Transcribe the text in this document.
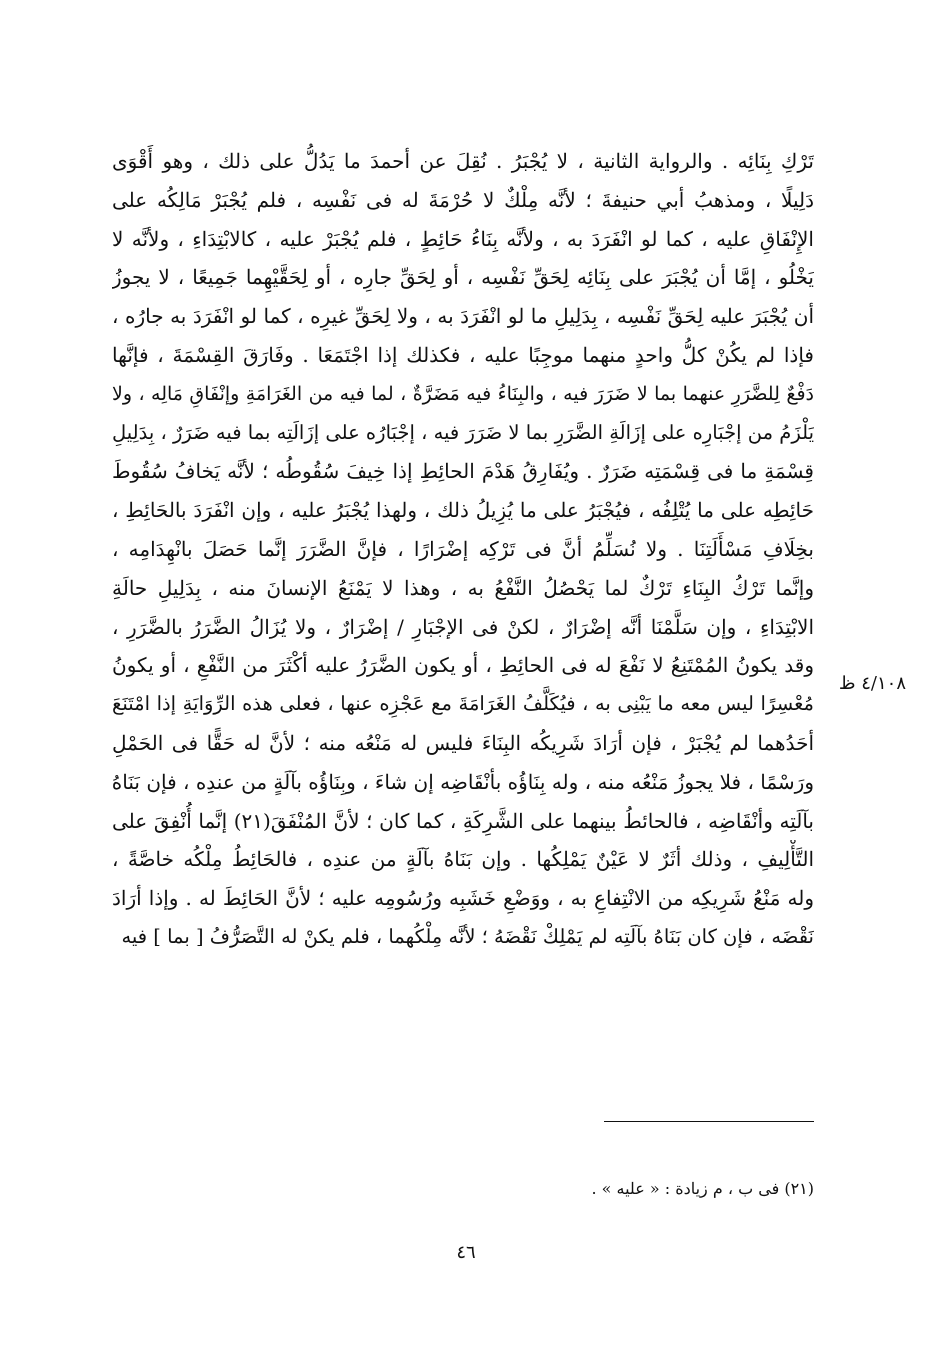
تَرْكِ بِنَائِه . والرواية الثانية ، لا يُجْبَرُ . نُقِلَ عن أحمدَ ما يَدُلُّ على ذلك ، وهو أَقْوَى
دَلِيلًا ، ومذهبُ أبي حنيفةَ ؛ لأنَّه مِلْكٌ لا حُرْمَةَ له فى نَفْسِه ، فلم يُجْبَرْ مَالِكُه على
الإِنْفَاقِ عليه ، كما لو انْفَرَدَ به ، ولأنَّه بِنَاءُ حَائِطٍ ، فلم يُجْبَرْ عليه ، كالابْتِدَاءِ ، ولأنَّه لا
يَخْلُو ، إمَّا أن يُجْبَرَ على بِنَائِه لِحَقِّ نَفْسِه ، أو لِحَقِّ جارِه ، أو لِحَقَّيْهِما جَمِيعًا ، لا يجوزُ
أن يُجْبَرَ عليه لِحَقِّ نَفْسِه ، بِدَلِيلِ ما لو انْفَرَدَ به ، ولا لِحَقِّ غيرِه ، كما لو انْفَرَدَ به جارُه ،
فإذا لم يكُنْ كلُّ واحدٍ منهما موجِبًا عليه ، فكذلك إذا اجْتَمَعَا . وفَارَقَ القِسْمَةَ ، فإنَّها
دَفْعٌ لِلضَّرَرِ عنهما بما لا ضَرَرَ فيه ، والبِنَاءُ فيه مَضَرَّةٌ ، لما فيه من الغَرَامَةِ وإنْفَاقِ مَالِه ، ولا
يَلْزَمُ من إجْبَارِه على إزَالَةِ الضَّرَرِ بما لا ضَرَرَ فيه ، إجْبَارُه على إزَالَتِه بما فيه ضَرَرٌ ، بِدَلِيلِ
قِسْمَةِ ما فى قِسْمَتِه ضَرَرٌ . ويُفَارِقُ هَدْمَ الحائِطِ إذا خِيفَ سُقُوطُه ؛ لأنَّه يَخافُ سُقُوطَ
حَائِطِه على ما يُتْلِفُه ، فيُجْبَرُ على ما يُزِيلُ ذلك ، ولهذا يُجْبَرُ عليه ، وإن انْفَرَدَ بالحَائِطِ ،
بخِلَافِ مَسْأَلَتِنَا . ولا نُسَلِّمُ أنَّ فى تَرْكِه إضْرَارًا ، فإنَّ الضَّرَرَ إنَّما حَصَلَ بانْهِدَامِه ،
وإنَّما تَرْكُ البِنَاءِ تَرْكٌ لما يَحْصُلُ النَّفْعُ به ، وهذا لا يَمْنَعُ الإنسانَ منه ، بِدَلِيلِ حالَةِ
الابْتِدَاءِ ، وإن سَلَّمْنَا أنَّه إضْرَارٌ ، لكنْ فى الإجْبَارِ / إضْرَارٌ ، ولا يُزَالُ الضَّرَرُ بالضَّرَرِ ،
وقد يكونُ المُمْتَنِعُ لا نَفْعَ له فى الحائِطِ ، أو يكون الضَّرَرُ عليه أكْثَرَ من النَّفْعِ ، أو يكونُ
مُعْسِرًا ليس معه ما يَبْنِى به ، فيُكَلَّفُ الغَرَامَةَ مع عَجْزِه عنها ، فعلى هذه الرِّوَايَةِ إذا امْتَنَعَ
أحَدُهما لم يُجْبَرْ ، فإن أرَادَ شَرِيكُه البِنَاءَ فليس له مَنْعُه منه ؛ لأنَّ له حَقًّا فى الحَمْلِ
ورَسْمًا ، فلا يجوزُ مَنْعُه منه ، وله بِنَاؤُه بأنْقَاضِه إن شاءَ ، وبِنَاؤُه بآلَةٍ من عندِه ، فإن بَنَاهُ
بآلَتِه وأنْقَاضِه ، فالحائطُ بينهما على الشَّرِكَةِ ، كما كان ؛ لأنَّ المُنْفَقَ(٢١) إنَّما أُنْفِقَ على
التَّأْلِيفِ ، وذلك أثَرٌ لا عَيْنٌ يَمْلِكُها . وإن بَنَاهُ بآلَةٍ من عندِه ، فالحَائِطُ مِلْكُه خاصَّةً ،
وله مَنْعُ شَرِيكِه من الانْتِفاعِ به ، ووَضْعِ خَشَبِه ورُسُومِه عليه ؛ لأنَّ الحَائِطَ له . وإذا أرَادَ
نَقْضَه ، فإن كان بَنَاهُ بآلَتِه لم يَمْلِكْ نَقْضَهُ ؛ لأنَّه مِلْكُهما ، فلم يكنْ له التَّصَرُّفُ [ بما ] فيه
٤/١٠٨ ظ
(٢١) فى ب ، م زيادة : « عليه » .
٤٦
